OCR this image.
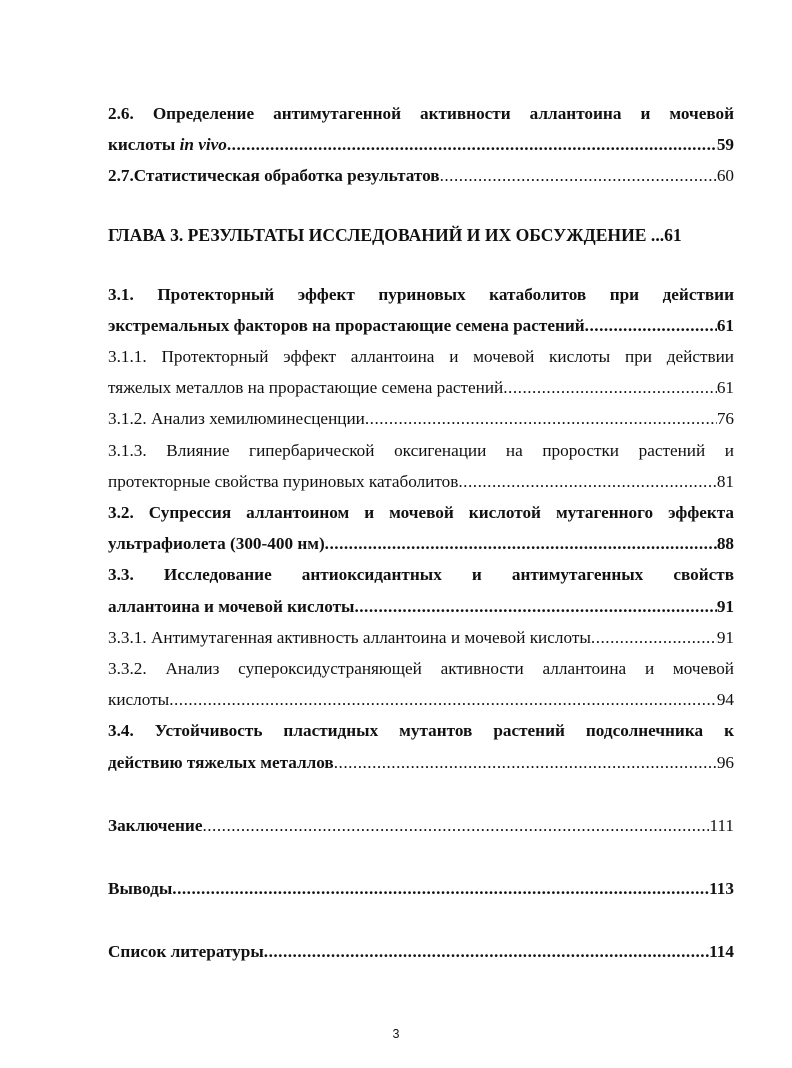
2.6. Определение антимутагенной активности аллантоина и мочевой
кислоты in vivo .....	59
2.7.Статистическая обработка результатов .....	60
ГЛАВА 3. РЕЗУЛЬТАТЫ ИССЛЕДОВАНИЙ И ИХ ОБСУЖДЕНИЕ ...61
3.1. Протекторный эффект пуриновых катаболитов при действии
экстремальных факторов на прорастающие семена растений .....	61
3.1.1. Протекторный эффект аллантоина и мочевой кислоты при действии
тяжелых металлов на прорастающие семена растений .....	61
3.1.2. Анализ хемилюминесценции .....	76
3.1.3. Влияние гипербарической оксигенации на проростки растений и
протекторные свойства пуриновых катаболитов .....	81
3.2. Супрессия аллантоином и мочевой кислотой мутагенного эффекта
ультрафиолета (300-400 нм) .....	88
3.3. Исследование антиоксидантных и антимутагенных свойств
аллантоина и мочевой кислоты .....	91
3.3.1. Антимутагенная активность аллантоина и мочевой кислоты .....	91
3.3.2. Анализ супероксидустраняющей активности аллантоина и мочевой
кислоты .....	94
3.4. Устойчивость пластидных мутантов растений подсолнечника к
действию тяжелых металлов .....	96
Заключение .....	111
Выводы .....	113
Список литературы .....	114
3
